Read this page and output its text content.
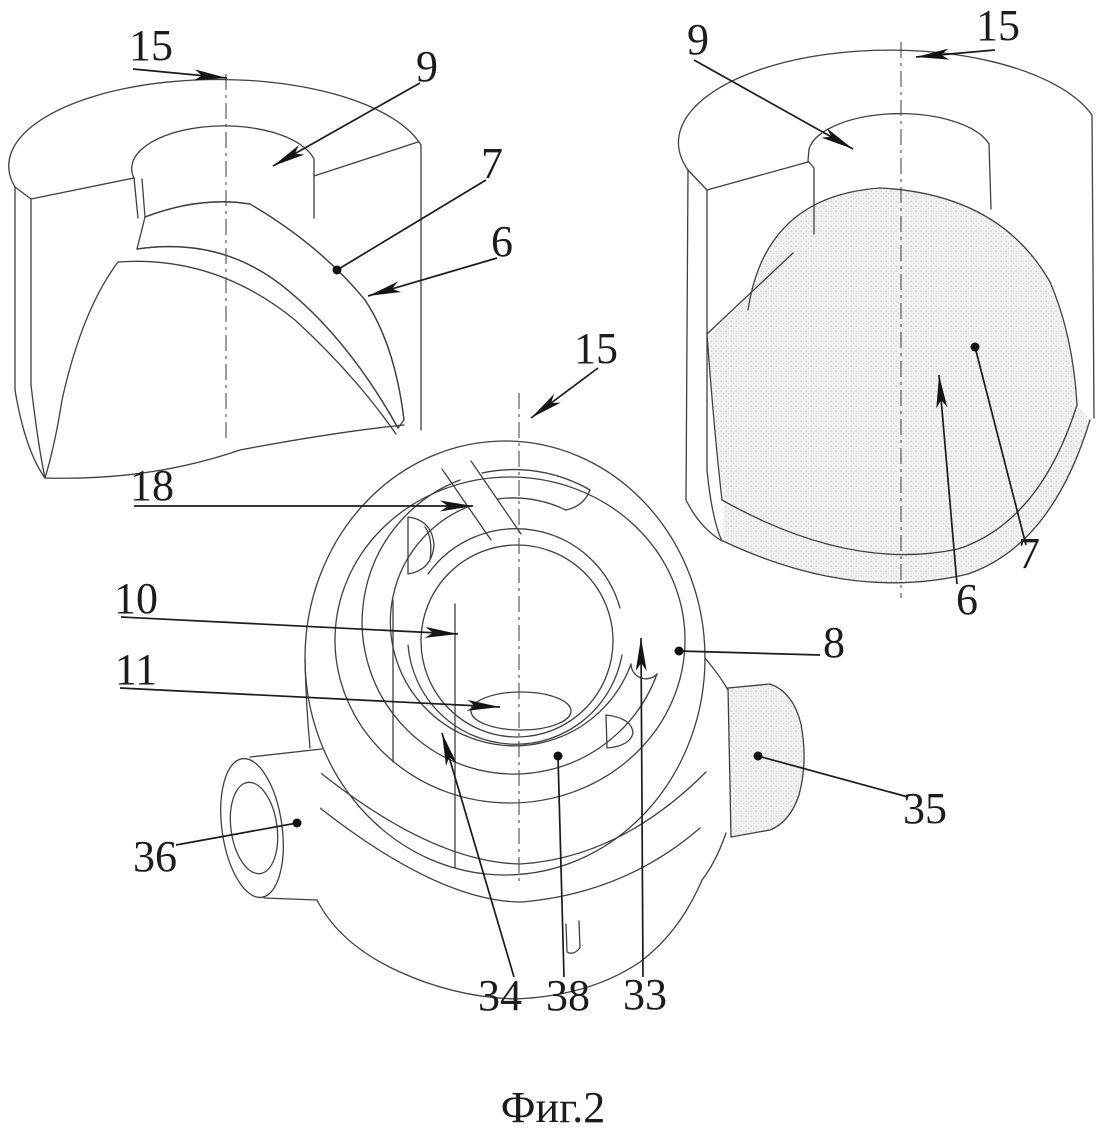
15	9
7
6
9	15
7
6
15
18
10
11
36
34 38 33
8
35
Фиг.2
